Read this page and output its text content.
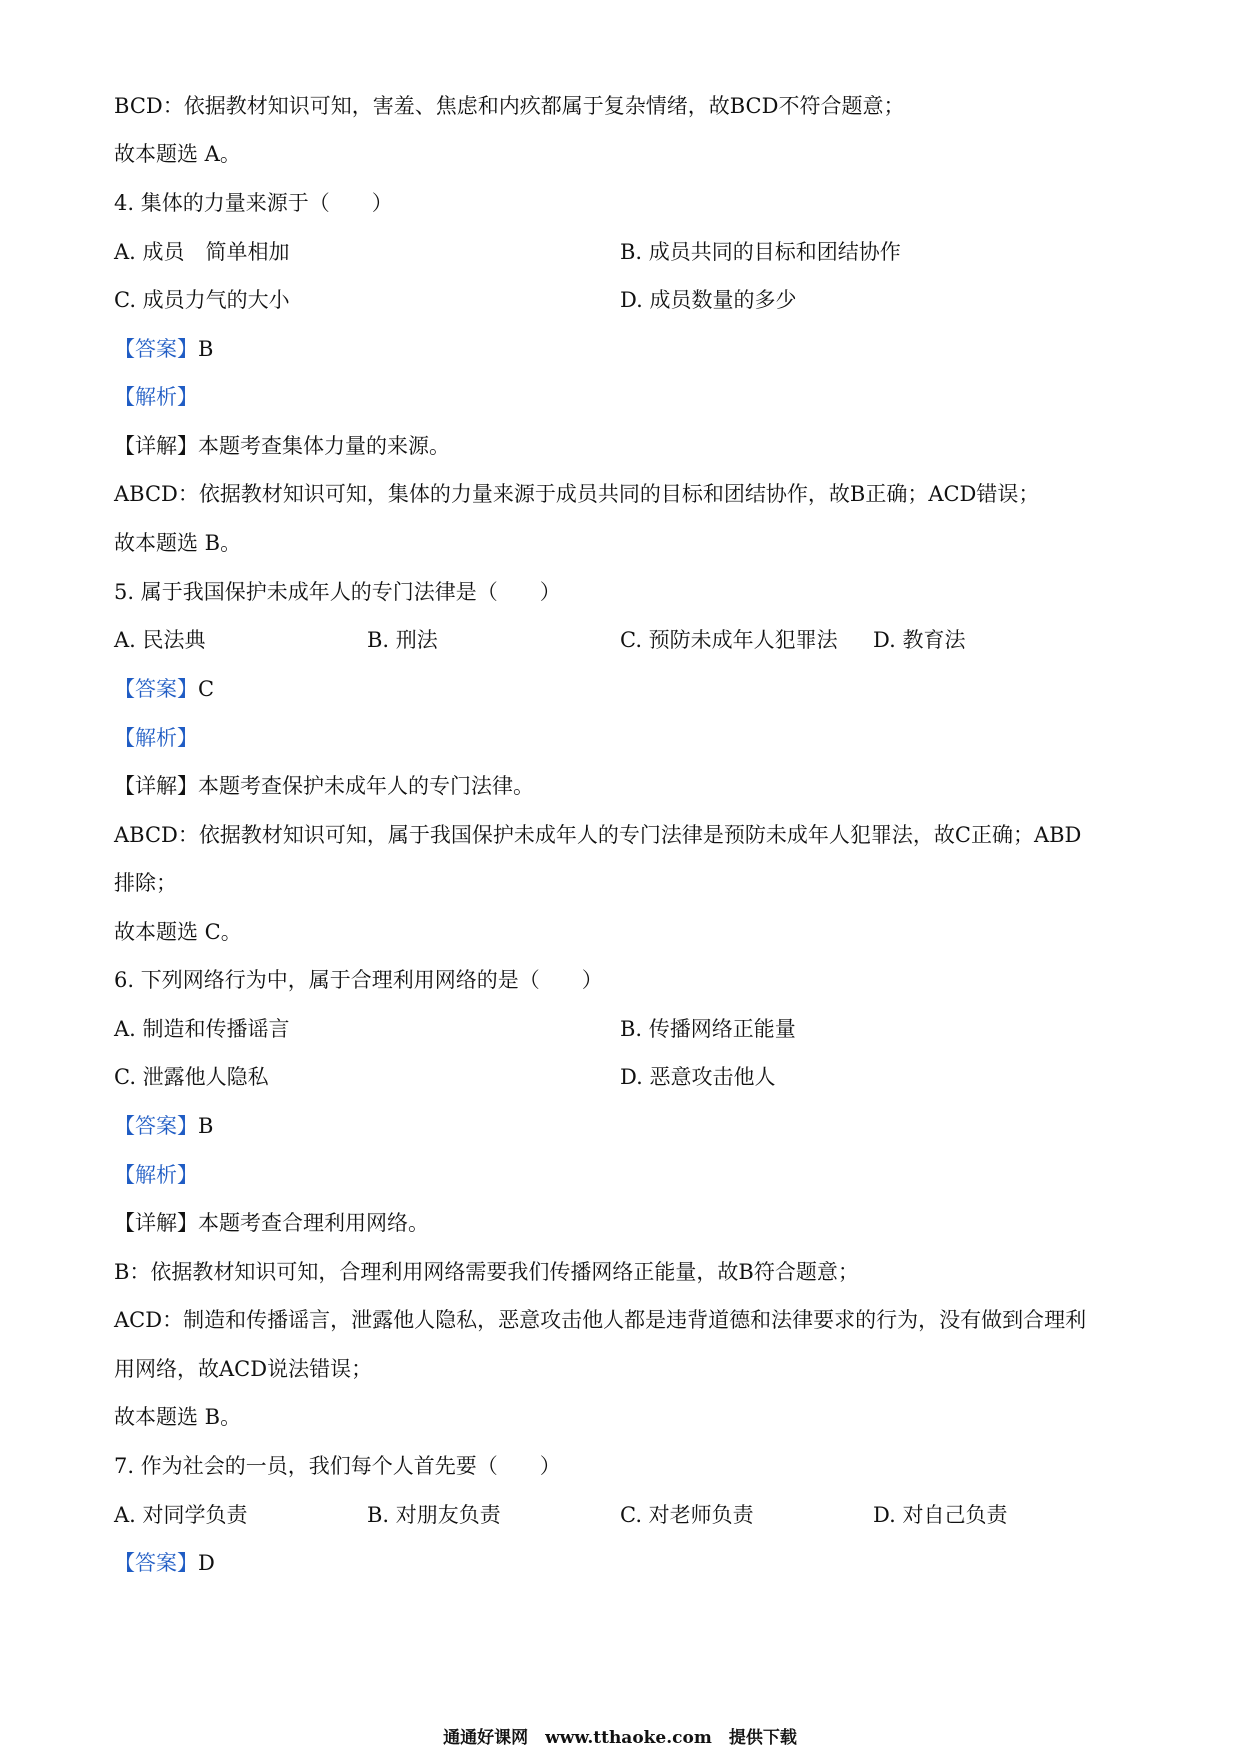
BCD：依据教材知识可知，害羞、焦虑和内疚都属于复杂情绪，故BCD不符合题意；
故本题选 A。
4. 集体的力量来源于（　　）
A. 成员　简单相加	B. 成员共同的目标和团结协作
C. 成员力气的大小	D. 成员数量的多少
【答案】B
【解析】
【详解】本题考查集体力量的来源。
ABCD：依据教材知识可知，集体的力量来源于成员共同的目标和团结协作，故B正确；ACD错误；
故本题选 B。
5. 属于我国保护未成年人的专门法律是（　　）
A. 民法典	B. 刑法	C. 预防未成年人犯罪法 D. 教育法
【答案】C
【解析】
【详解】本题考查保护未成年人的专门法律。
ABCD：依据教材知识可知，属于我国保护未成年人的专门法律是预防未成年人犯罪法，故C正确；ABD
排除；
故本题选 C。
6. 下列网络行为中，属于合理利用网络的是（　　）
A. 制造和传播谣言	B. 传播网络正能量
C. 泄露他人隐私	D. 恶意攻击他人
【答案】B
【解析】
【详解】本题考查合理利用网络。
B：依据教材知识可知，合理利用网络需要我们传播网络正能量，故B符合题意；
ACD：制造和传播谣言，泄露他人隐私，恶意攻击他人都是违背道德和法律要求的行为，没有做到合理利
用网络，故ACD说法错误；
故本题选 B。
7. 作为社会的一员，我们每个人首先要（　　）
A. 对同学负责	B. 对朋友负责	C. 对老师负责	D. 对自己负责
【答案】D
通通好课网　www.tthaoke.com　提供下载
